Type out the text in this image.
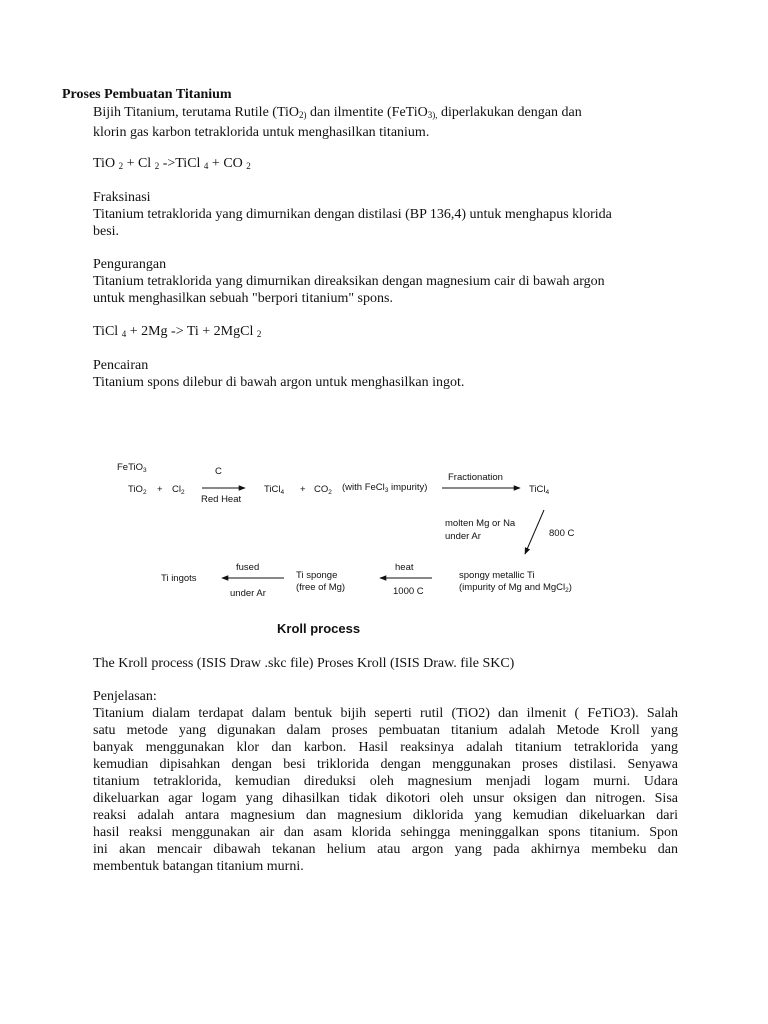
Proses Pembuatan Titanium
Bijih Titanium, terutama Rutile (TiO$_{2)}$ dan ilmentite (FeTiO$_{3),}$ diperlakukan dengan dan
klorin gas karbon tetraklorida untuk menghasilkan titanium.
TiO $_2$ + Cl $_2$ ->TiCl $_4$ + CO $_2$
Fraksinasi
Titanium tetraklorida yang dimurnikan dengan distilasi (BP 136,4) untuk menghapus klorida
besi.
Pengurangan
Titanium tetraklorida yang dimurnikan direaksikan dengan magnesium cair di bawah argon
untuk menghasilkan sebuah "berpori titanium" spons.
TiCl $_4$ + 2Mg -> Ti + 2MgCl $_2$
Pencairan
Titanium spons dilebur di bawah argon untuk menghasilkan ingot.
FeTiO$_3$
$TiO_2 + Cl_2$
C
Red Heat
TiCl$_4$ + $CO_2$ (with FeCl$_3$ impurity)
Fractionation
TiCl$_4$
molten Mg or Na
under Ar	800 C
spongy metallic Ti
(impurity of Mg and MgCl$_2$)
heat
1000 C
Ti sponge
(free of Mg)
fused
under Ar
Ti ingots
Kroll process
The Kroll process (ISIS Draw .skc file) Proses Kroll (ISIS Draw. file SKC)
Penjelasan:
Titanium dialam terdapat dalam bentuk bijih seperti rutil (TiO2) dan ilmenit ( FeTiO3). Salah
satu metode yang digunakan dalam proses pembuatan titanium adalah Metode Kroll yang
banyak menggunakan klor dan karbon. Hasil reaksinya adalah titanium tetraklorida yang
kemudian dipisahkan dengan besi triklorida dengan menggunakan proses distilasi. Senyawa
titanium tetraklorida, kemudian direduksi oleh magnesium menjadi logam murni. Udara
dikeluarkan agar logam yang dihasilkan tidak dikotori oleh unsur oksigen dan nitrogen. Sisa
reaksi adalah antara magnesium dan magnesium diklorida yang kemudian dikeluarkan dari
hasil reaksi menggunakan air dan asam klorida sehingga meninggalkan spons titanium. Spon
ini akan mencair dibawah tekanan helium atau argon yang pada akhirnya membeku dan
membentuk batangan titanium murni.
